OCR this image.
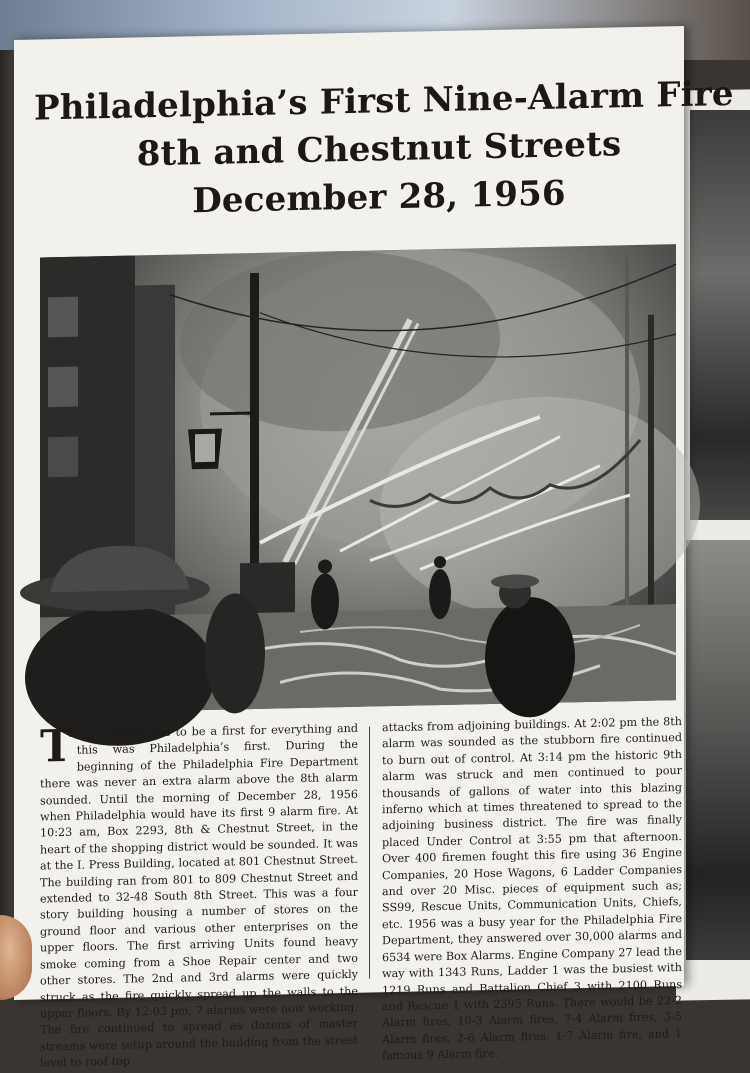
Philadelphia’s First Nine-Alarm Fire
8th and Chestnut Streets
December 28, 1956
There always has to be a first for everything and this was Philadelphia’s first. During the beginning of the Philadelphia Fire Department there was never an extra alarm above the 8th alarm sounded. Until the morning of December 28, 1956 when Philadelphia would have its first 9 alarm fire. At 10:23 am, Box 2293, 8th & Chestnut Street, in the heart of the shopping district would be sounded. It was at the I. Press Building, located at 801 Chestnut Street. The building ran from 801 to 809 Chestnut Street and extended to 32-48 South 8th Street. This was a four story building housing a number of stores on the ground floor and various other enterprises on the upper floors. The first arriving Units found heavy smoke coming from a Shoe Repair center and two other stores. The 2nd and 3rd alarms were quickly struck as the fire quickly spread up the walls to the upper floors. By 12:03 pm, 7 alarms were now working. The fire continued to spread as dozens of master streams were setup around the building from the street level to roof top
attacks from adjoining buildings. At 2:02 pm the 8th alarm was sounded as the stubborn fire continued to burn out of control. At 3:14 pm the historic 9th alarm was struck and men continued to pour thousands of gallons of water into this blazing inferno which at times threatened to spread to the adjoining business district. The fire was finally placed Under Control at 3:55 pm that afternoon. Over 400 firemen fought this fire using 36 Engine Companies, 20 Hose Wagons, 6 Ladder Companies and over 20 Misc. pieces of equipment such as; SS99, Rescue Units, Communication Units, Chiefs, etc. 1956 was a busy year for the Philadelphia Fire Department, they answered over 30,000 alarms and 6534 were Box Alarms. Engine Company 27 lead the way with 1343 Runs, Ladder 1 was the busiest with 1219 Runs and Battalion Chief 3 with 2100 Runs and Rescue 1 with 2395 Runs. There would be 22-2 Alarm fires, 10-3 Alarm fires, 7-4 Alarm fires, 3-5 Alarm fires, 2-6 Alarm fires, 1-7 Alarm fire, and 1 famous 9 Alarm fire.
